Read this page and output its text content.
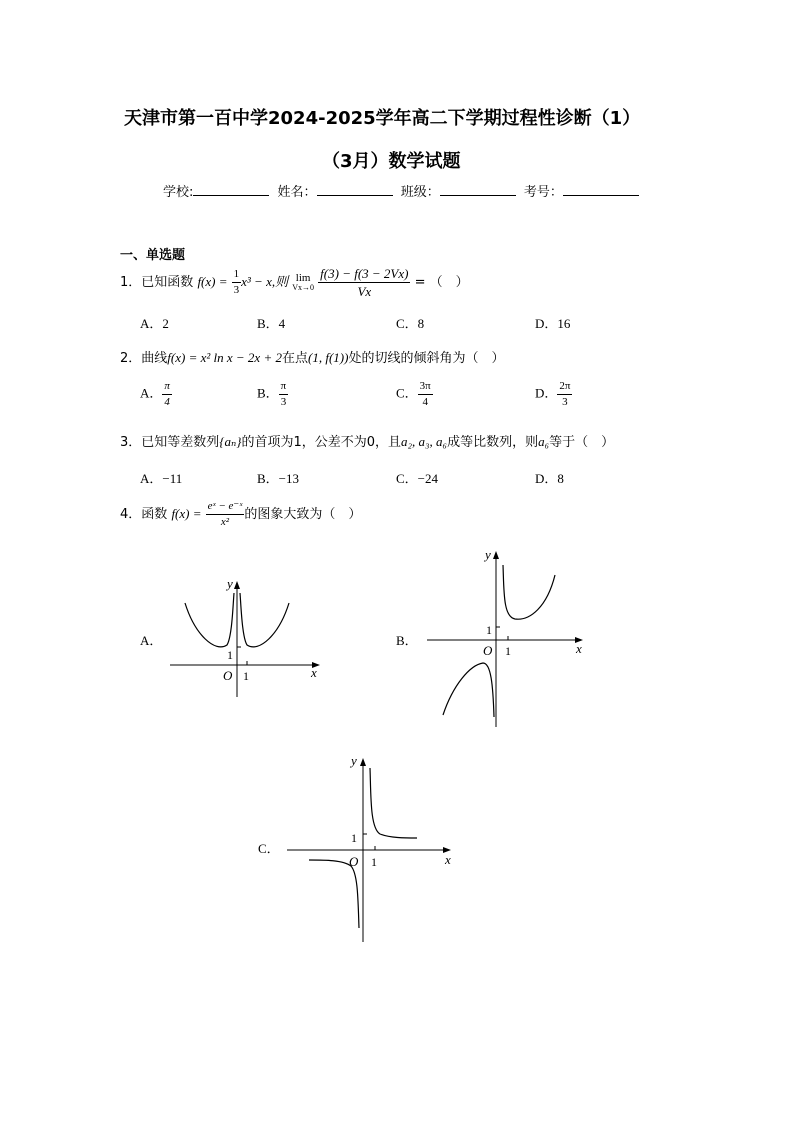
天津市第一百中学2024-2025学年高二下学期过程性诊断（1）
（3月）数学试题
学校:	姓名：	班级：	考号：
一、单选题
1．已知函数 $f(x) = \frac{1}{3} x^3 - x$,则 lim
Vx→0
$\frac{f(3) - f(3 - 2Vx)}{Vx}$ = （　）
A．2	B．4	C．8	D．16
2．曲线f(x) = x² ln x − 2x + 2在点(1, f(1))处的切线的倾斜角为（　）
A． $\frac{\pi}{4}$	B． $\frac{\pi}{3}$	C． $\frac{3\pi}{4}$	D． $\frac{2\pi}{3}$
3．已知等差数列{aₙ}的首项为1，公差不为0，且a₂, a₃, a₆成等比数列，则a₆等于（　）
A．−11	B．−13	C．−24	D．8
4．函数 $f(x) = \frac{\text{eˣ − e⁻ˣ}}{\text{x²}}$ 的图象大致为（　）
A．	B．
C．
y
x
O 1
1
y
x
O 1
1
y
x
O 1
1
